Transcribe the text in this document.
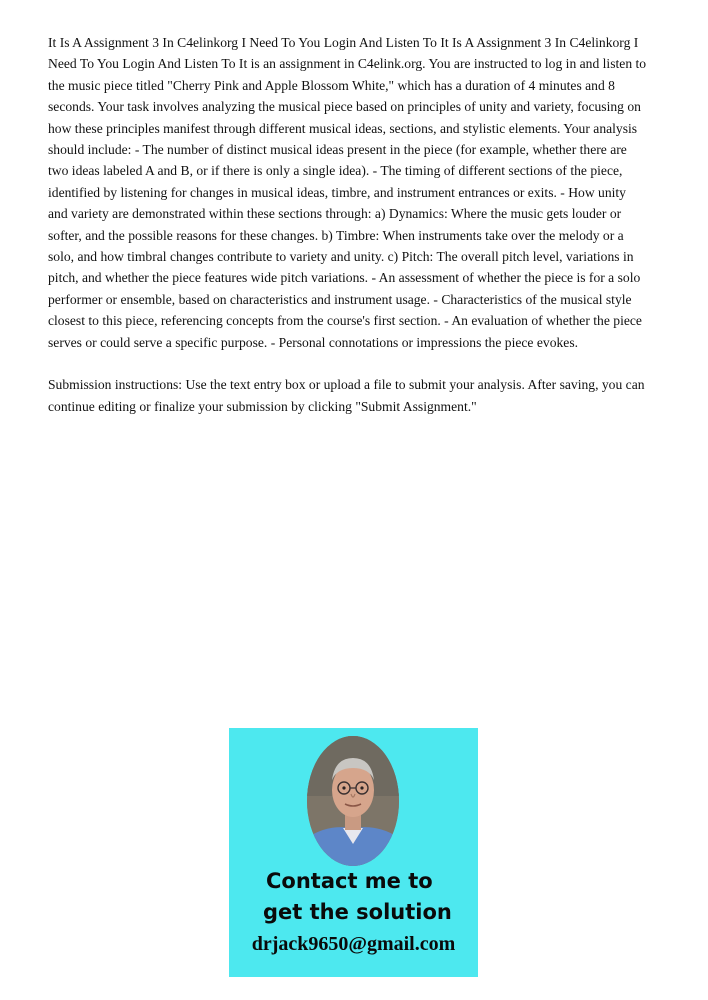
It Is A Assignment 3 In C4elinkorg I Need To You Login And Listen To It Is A Assignment 3 In C4elinkorg I Need To You Login And Listen To It is an assignment in C4elink.org. You are instructed to log in and listen to the music piece titled "Cherry Pink and Apple Blossom White," which has a duration of 4 minutes and 8 seconds. Your task involves analyzing the musical piece based on principles of unity and variety, focusing on how these principles manifest through different musical ideas, sections, and stylistic elements. Your analysis should include: - The number of distinct musical ideas present in the piece (for example, whether there are two ideas labeled A and B, or if there is only a single idea). - The timing of different sections of the piece, identified by listening for changes in musical ideas, timbre, and instrument entrances or exits. - How unity and variety are demonstrated within these sections through: a) Dynamics: Where the music gets louder or softer, and the possible reasons for these changes. b) Timbre: When instruments take over the melody or a solo, and how timbral changes contribute to variety and unity. c) Pitch: The overall pitch level, variations in pitch, and whether the piece features wide pitch variations. - An assessment of whether the piece is for a solo performer or ensemble, based on characteristics and instrument usage. - Characteristics of the musical style closest to this piece, referencing concepts from the course's first section. - An evaluation of whether the piece serves or could serve a specific purpose. - Personal connotations or impressions the piece evokes.

Submission instructions: Use the text entry box or upload a file to submit your analysis. After saving, you can continue editing or finalize your submission by clicking "Submit Assignment."

Contact me to
get the solution
drjack9650@gmail.com
